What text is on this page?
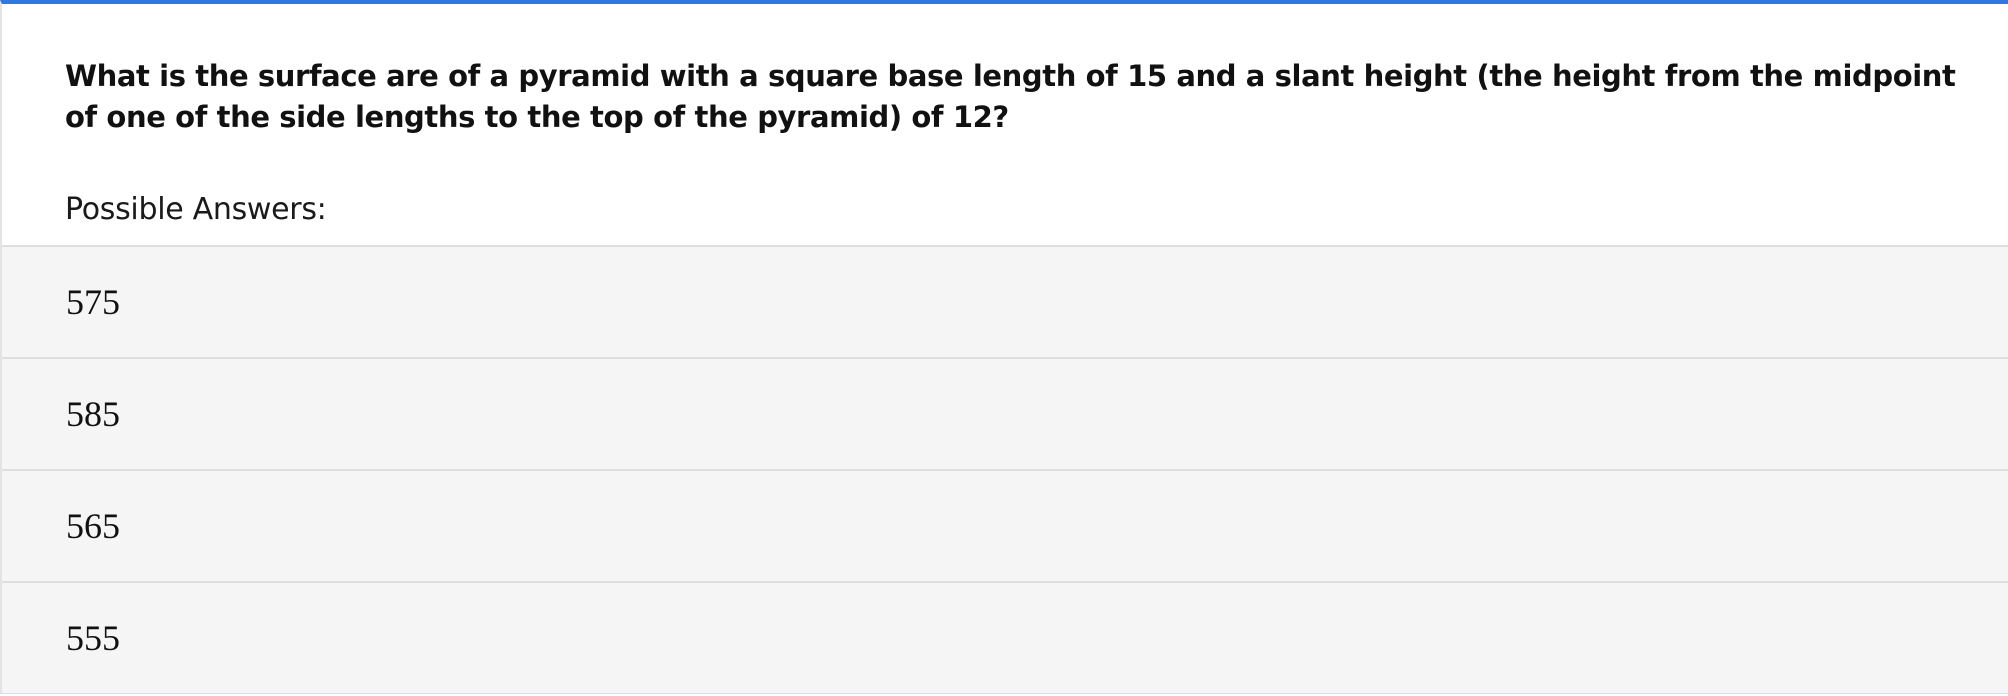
What is the surface are of a pyramid with a square base length of 15 and a slant height (the height from the midpoint of one of the side lengths to the top of the pyramid) of 12?

Possible Answers:

575
585
565
555
